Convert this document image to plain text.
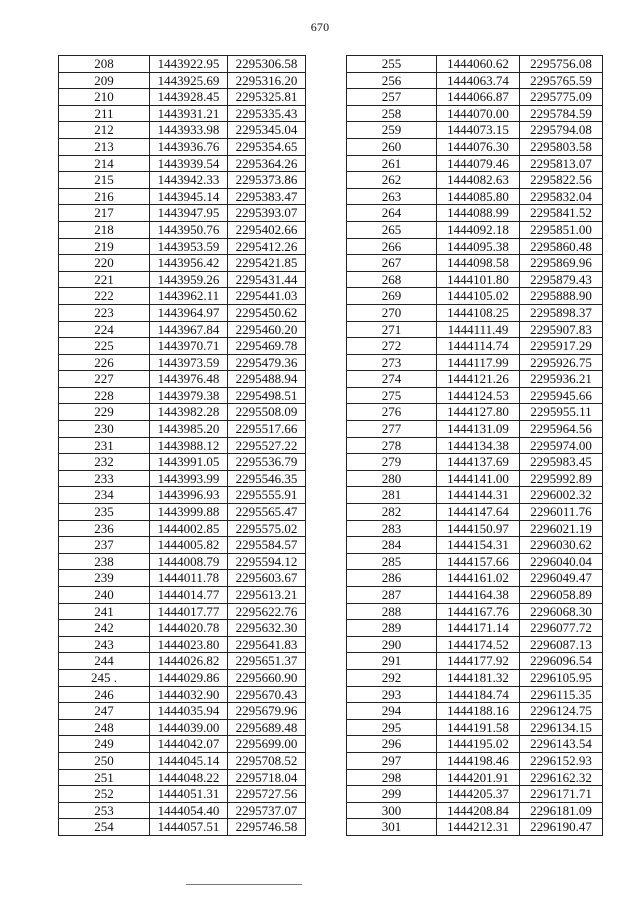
670
208	1443922.95	2295306.58
209	1443925.69	2295316.20
210	1443928.45	2295325.81
211	1443931.21	2295335.43
212	1443933.98	2295345.04
213	1443936.76	2295354.65
214	1443939.54	2295364.26
215	1443942.33	2295373.86
216	1443945.14	2295383.47
217	1443947.95	2295393.07
218	1443950.76	2295402.66
219	1443953.59	2295412.26
220	1443956.42	2295421.85
221	1443959.26	2295431.44
222	1443962.11	2295441.03
223	1443964.97	2295450.62
224	1443967.84	2295460.20
225	1443970.71	2295469.78
226	1443973.59	2295479.36
227	1443976.48	2295488.94
228	1443979.38	2295498.51
229	1443982.28	2295508.09
230	1443985.20	2295517.66
231	1443988.12	2295527.22
232	1443991.05	2295536.79
233	1443993.99	2295546.35
234	1443996.93	2295555.91
235	1443999.88	2295565.47
236	1444002.85	2295575.02
237	1444005.82	2295584.57
238	1444008.79	2295594.12
239	1444011.78	2295603.67
240	1444014.77	2295613.21
241	1444017.77	2295622.76
242	1444020.78	2295632.30
243	1444023.80	2295641.83
244	1444026.82	2295651.37
245 .	1444029.86	2295660.90
246	1444032.90	2295670.43
247	1444035.94	2295679.96
248	1444039.00	2295689.48
249	1444042.07	2295699.00
250	1444045.14	2295708.52
251	1444048.22	2295718.04
252	1444051.31	2295727.56
253	1444054.40	2295737.07
254	1444057.51	2295746.58
255	1444060.62	2295756.08
256	1444063.74	2295765.59
257	1444066.87	2295775.09
258	1444070.00	2295784.59
259	1444073.15	2295794.08
260	1444076.30	2295803.58
261	1444079.46	2295813.07
262	1444082.63	2295822.56
263	1444085.80	2295832.04
264	1444088.99	2295841.52
265	1444092.18	2295851.00
266	1444095.38	2295860.48
267	1444098.58	2295869.96
268	1444101.80	2295879.43
269	1444105.02	2295888.90
270	1444108.25	2295898.37
271	1444111.49	2295907.83
272	1444114.74	2295917.29
273	1444117.99	2295926.75
274	1444121.26	2295936.21
275	1444124.53	2295945.66
276	1444127.80	2295955.11
277	1444131.09	2295964.56
278	1444134.38	2295974.00
279	1444137.69	2295983.45
280	1444141.00	2295992.89
281	1444144.31	2296002.32
282	1444147.64	2296011.76
283	1444150.97	2296021.19
284	1444154.31	2296030.62
285	1444157.66	2296040.04
286	1444161.02	2296049.47
287	1444164.38	2296058.89
288	1444167.76	2296068.30
289	1444171.14	2296077.72
290	1444174.52	2296087.13
291	1444177.92	2296096.54
292	1444181.32	2296105.95
293	1444184.74	2296115.35
294	1444188.16	2296124.75
295	1444191.58	2296134.15
296	1444195.02	2296143.54
297	1444198.46	2296152.93
298	1444201.91	2296162.32
299	1444205.37	2296171.71
300	1444208.84	2296181.09
301	1444212.31	2296190.47
